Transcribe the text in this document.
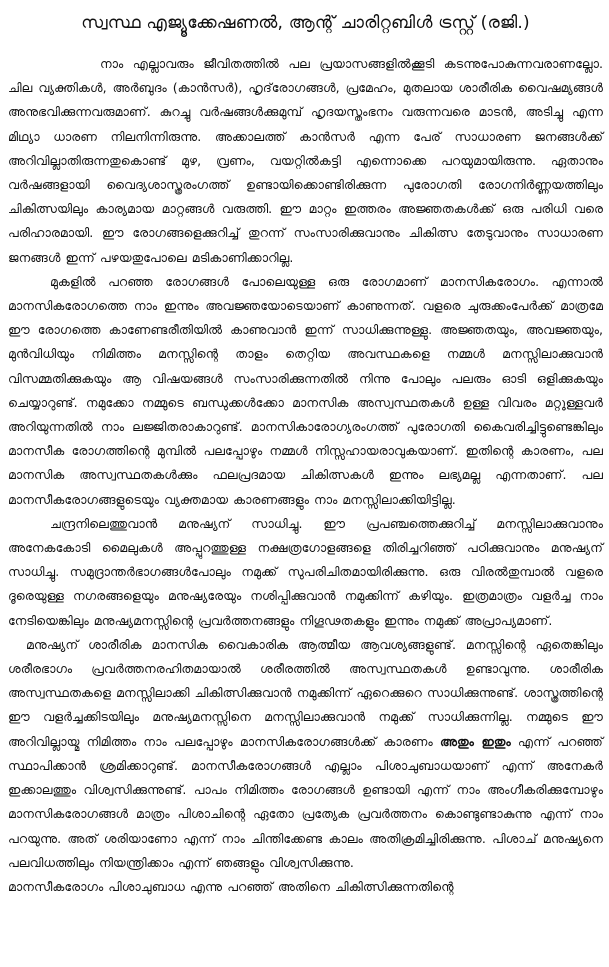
സ്വസ്ഥ എജ്യൂക്കേഷണൽ, ആന്റ് ചാരിറ്റബിൾ ട്രസ്റ്റ് (രജി.)

നാം എല്ലാവരും ജീവിതത്തിൽ പല പ്രയാസങ്ങളിൽക്കൂടി കടന്നുപോകുന്നവരാണല്ലോ. ചില വ്യക്തികൾ, അർബുദം (കാൻസർ), ഹൃദ്‌രോഗങ്ങൾ, പ്രമേഹം, മുതലായ ശാരീരിക വൈഷമ്യങ്ങൾ അനുഭവിക്കുന്നവരുമാണ്. കുറച്ചു വർഷങ്ങൾക്കുമുമ്പ് ഹൃദയസ്തംഭനം വരുന്നവരെ മാടൻ, അടിച്ചു എന്ന മിഥ്യാ ധാരണ നിലനിന്നിരുന്നു. അക്കാലത്ത് കാൻസർ എന്ന പേര് സാധാരണ ജനങ്ങൾക്ക് അറിവില്ലാതിരുന്നതുകൊണ്ട് മുഴ, വ്രണം, വയറ്റിൽകട്ടി എന്നൊക്കെ പറയുമായിരുന്നു. ഏതാനും വർഷങ്ങളായി വൈദ്യശാസ്ത്രരംഗത്ത് ഉണ്ടായിക്കൊണ്ടിരിക്കുന്ന പുരോഗതി രോഗനിർണ്ണയത്തിലും ചികിത്സയിലും കാര്യമായ മാറ്റങ്ങൾ വരുത്തി. ഈ മാറ്റം ഇത്തരം അജ്ഞതകൾക്ക് ഒരു പരിധി വരെ പരിഹാരമായി. ഈ രോഗങ്ങളെക്കുറിച്ച് തുറന്ന് സംസാരിക്കുവാനും ചികിത്സ തേടുവാനും സാധാരണ ജനങ്ങൾ ഇന്ന് പഴയതുപോലെ മടികാണിക്കാറില്ല.

മുകളിൽ പറഞ്ഞ രോഗങ്ങൾ പോലെയുള്ള ഒരു രോഗമാണ് മാനസികരോഗം. എന്നാൽ മാനസികരോഗത്തെ നാം ഇന്നും അവജ്ഞയോടെയാണ് കാണുന്നത്. വളരെ ചുരുക്കംപേർക്ക് മാത്രമേ ഈ രോഗത്തെ കാണേണ്ടരീതിയിൽ കാണുവാൻ ഇന്ന് സാധിക്കുന്നുള്ളു. അജ്ഞതയും, അവജ്ഞയും, മുൻവിധിയും നിമിത്തം മനസ്സിന്റെ താളം തെറ്റിയ അവസ്ഥകളെ നമ്മൾ മനസ്സിലാക്കുവാൻ വിസമ്മതിക്കുകയും ആ വിഷയങ്ങൾ സംസാരിക്കുന്നതിൽ നിന്നു പോലും പലരും ഓടി ഒളിക്കുകയും ചെയ്യാറുണ്ട്. നമുക്കോ നമ്മുടെ ബന്ധുക്കൾക്കോ മാനസിക അസ്വസ്ഥതകൾ ഉള്ള വിവരം മറ്റുള്ളവർ അറിയുന്നതിൽ നാം ലജ്ജിതരാകാറുണ്ട്. മാനസികാരോഗ്യരംഗത്ത് പുരോഗതി കൈവരിച്ചിട്ടുണ്ടെങ്കിലും മാനസീക രോഗത്തിന്റെ മുമ്പിൽ പലപ്പോഴും നമ്മൾ നിസ്സഹായരാവുകയാണ്. ഇതിന്റെ കാരണം, പല മാനസിക അസ്വസ്ഥതകൾക്കും ഫലപ്രദമായ ചികിത്സകൾ ഇന്നും ലഭ്യമല്ല എന്നതാണ്. പല മാനസീകരോഗങ്ങളുടെയും വ്യക്തമായ കാരണങ്ങളും നാം മനസ്സിലാക്കിയിട്ടില്ല.

ചന്ദ്രനിലെത്തുവാൻ മനുഷ്യന് സാധിച്ചു. ഈ പ്രപഞ്ചത്തെക്കുറിച്ച് മനസ്സിലാക്കുവാനും അനേകകോടി മൈലുകൾ അപ്പുറത്തുള്ള നക്ഷത്രഗോളങ്ങളെ തിരിച്ചറിഞ്ഞ് പഠിക്കുവാനും മനുഷ്യന് സാധിച്ചു. സമുദ്രാന്തർഭാഗങ്ങൾപോലും നമുക്ക് സുപരിചിതമായിരിക്കുന്നു. ഒരു വിരൽതുമ്പാൽ വളരെ ദൂരെയുള്ള നഗരങ്ങളെയും മനുഷ്യരേയും നശിപ്പിക്കുവാൻ നമുക്കിന്ന് കഴിയും. ഇത്രമാത്രം വളർച്ച നാം നേടിയെങ്കിലും മനുഷ്യമനസ്സിന്റെ പ്രവർത്തനങ്ങളും നിഗൂഢതകളും ഇന്നും നമുക്ക് അപ്രാപ്യമാണ്.

മനുഷ്യന് ശാരീരിക മാനസിക വൈകാരിക ആത്മീയ ആവശ്യങ്ങളുണ്ട്. മനസ്സിന്റെ ഏതെങ്കിലും ശരീരഭാഗം പ്രവർത്തനരഹിതമായാൽ ശരീരത്തിൽ അസ്വസ്ഥതകൾ ഉണ്ടാവുന്നു. ശാരീരിക അസ്വസ്ഥതകളെ മനസ്സിലാക്കി ചികിത്സിക്കുവാൻ നമുക്കിന്ന് ഏറെക്കുറെ സാധിക്കുന്നുണ്ട്. ശാസ്ത്രത്തിന്റെ ഈ വളർച്ചക്കിടയിലും മനുഷ്യമനസ്സിനെ മനസ്സിലാക്കുവാൻ നമുക്ക് സാധിക്കുന്നില്ല. നമ്മുടെ ഈ അറിവില്ലായ്മ നിമിത്തം നാം പലപ്പോഴും മാനസികരോഗങ്ങൾക്ക് കാരണം അതും ഇതും എന്ന് പറഞ്ഞ് സ്ഥാപിക്കാൻ ശ്രമിക്കാറുണ്ട്. മാനസീകരോഗങ്ങൾ എല്ലാം പിശാചുബാധയാണ് എന്ന് അനേകർ ഇക്കാലത്തും വിശ്വസിക്കുന്നുണ്ട്. പാപം നിമിത്തം രോഗങ്ങൾ ഉണ്ടായി എന്ന് നാം അംഗീകരിക്കുമ്പോഴും മാനസികരോഗങ്ങൾ മാത്രം പിശാചിന്റെ ഏതോ പ്രത്യേക പ്രവർത്തനം കൊണ്ടുണ്ടാകുന്നു എന്ന് നാം പറയുന്നു. അത് ശരിയാണോ എന്ന് നാം ചിന്തിക്കേണ്ട കാലം അതിക്രമിച്ചിരിക്കുന്നു. പിശാച് മനുഷ്യനെ പലവിധത്തിലും നിയന്ത്രിക്കാം എന്ന് ഞങ്ങളും വിശ്വസിക്കുന്നു.

മാനസീകരോഗം പിശാചുബാധ എന്നു പറഞ്ഞ് അതിനെ ചികിത്സിക്കുന്നതിന്റെ
